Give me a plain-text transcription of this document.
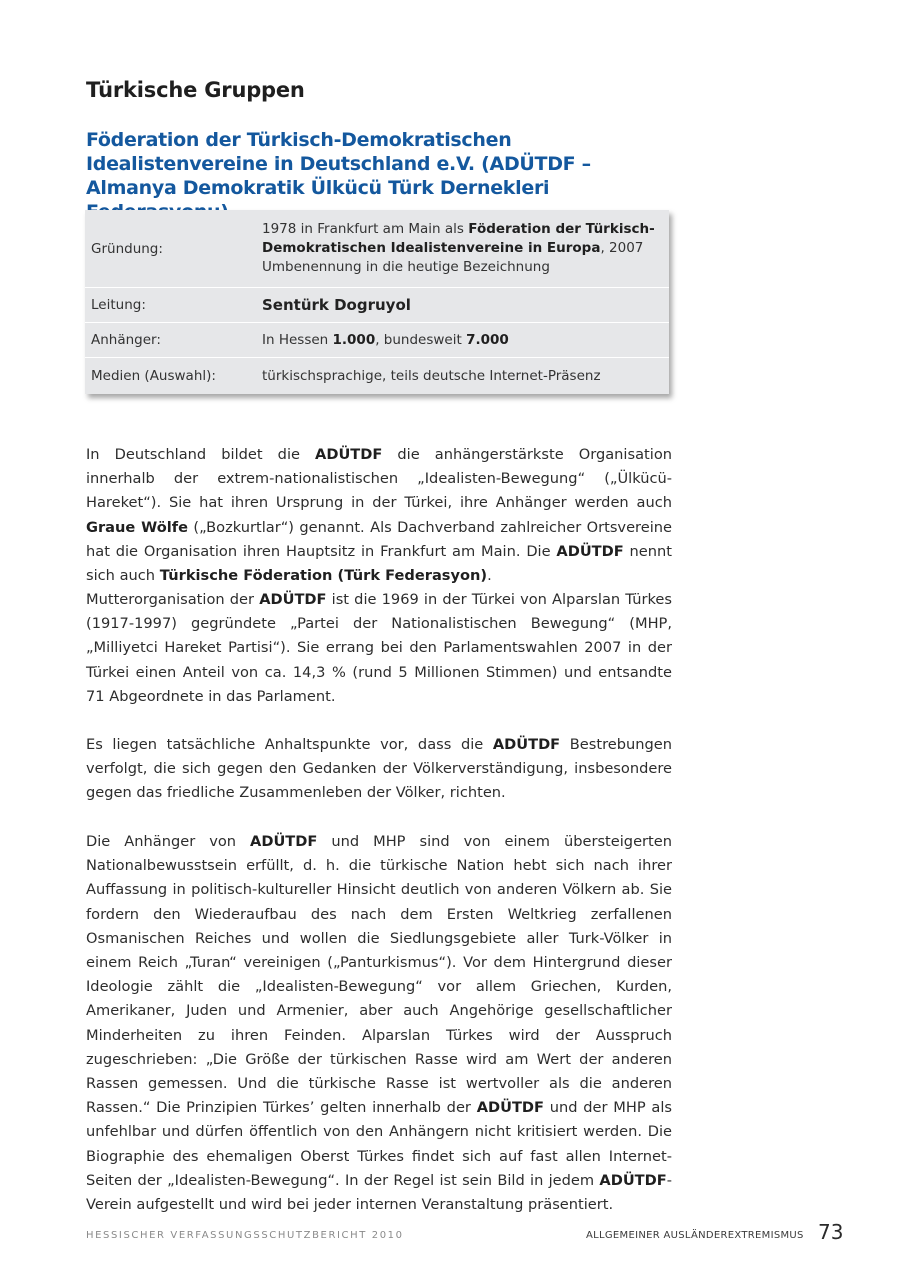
Türkische Gruppen
Föderation der Türkisch-Demokratischen Idealistenvereine in Deutschland e.V. (ADÜTDF – Almanya Demokratik Ülkücü Türk Dernekleri
Gründung:
1978 in Frankfurt am Main als Föderation der Türkisch-Demokratischen Idealistenvereine in Europa, 2007 Umbenennung in die heutige Bezeichnung
Leitung:	Sentürk Dogruyol
Anhänger:	In Hessen 1.000, bundesweit 7.000
Medien (Auswahl):	türkischsprachige, teils deutsche Internet-Präsenz

In Deutschland bildet die ADÜTDF die anhängerstärkste Organisation innerhalb der extrem-nationalistischen „Idealisten-Bewegung“ („Ülkücü-Hareket“). Sie hat ihren Ursprung in der Türkei, ihre Anhänger werden auch Graue Wölfe („Bozkurtlar“) genannt. Als Dachverband zahlreicher Ortsvereine hat die Organisation ihren Hauptsitz in Frankfurt am Main. Die ADÜTDF nennt sich auch Türkische Föderation (Türk Federasyon).

Mutterorganisation der ADÜTDF ist die 1969 in der Türkei von Alparslan Türkes (1917-1997) gegründete „Partei der Nationalistischen Bewegung“ (MHP, „Milliyetci Hareket Partisi“). Sie errang bei den Parlamentswahlen 2007 in der Türkei einen Anteil von ca. 14,3 % (rund 5 Millionen Stimmen) und entsandte 71 Abgeordnete in das Parlament.

Es liegen tatsächliche Anhaltspunkte vor, dass die ADÜTDF Bestrebungen verfolgt, die sich gegen den Gedanken der Völkerverständigung, insbesondere gegen das friedliche Zusammenleben der Völker, richten.

Die Anhänger von ADÜTDF und MHP sind von einem übersteigerten Nationalbewusstsein erfüllt, d. h. die türkische Nation hebt sich nach ihrer Auffassung in politisch-kultureller Hinsicht deutlich von anderen Völkern ab. Sie fordern den Wiederaufbau des nach dem Ersten Weltkrieg zerfallenen Osmanischen Reiches und wollen die Siedlungsgebiete aller Turk-Völker in einem Reich „Turan“ vereinigen („Panturkismus“). Vor dem Hintergrund dieser Ideologie zählt die „Idealisten-Bewegung“ vor allem Griechen, Kurden, Amerikaner, Juden und Armenier, aber auch Angehörige gesellschaftlicher Minderheiten zu ihren Feinden. Alparslan Türkes wird der Ausspruch zugeschrieben: „Die Größe der türkischen Rasse wird am Wert der anderen Rassen gemessen. Und die türkische Rasse ist wertvoller als die anderen Rassen.“ Die Prinzipien Türkes’ gelten innerhalb der ADÜTDF und der MHP als unfehlbar und dürfen öffentlich von den Anhängern nicht kritisiert werden. Die Biographie des ehemaligen Oberst Türkes findet sich auf fast allen Internet-Seiten der „Idealisten-Bewegung“. In der Regel ist sein Bild in jedem ADÜTDF-Verein aufgestellt und wird bei jeder internen Veranstaltung präsentiert.

HESSISCHER VERFASSUNGSSCHUTZBERICHT 2010	ALLGEMEINER AUSLÄNDEREXTREMISMUS 73
